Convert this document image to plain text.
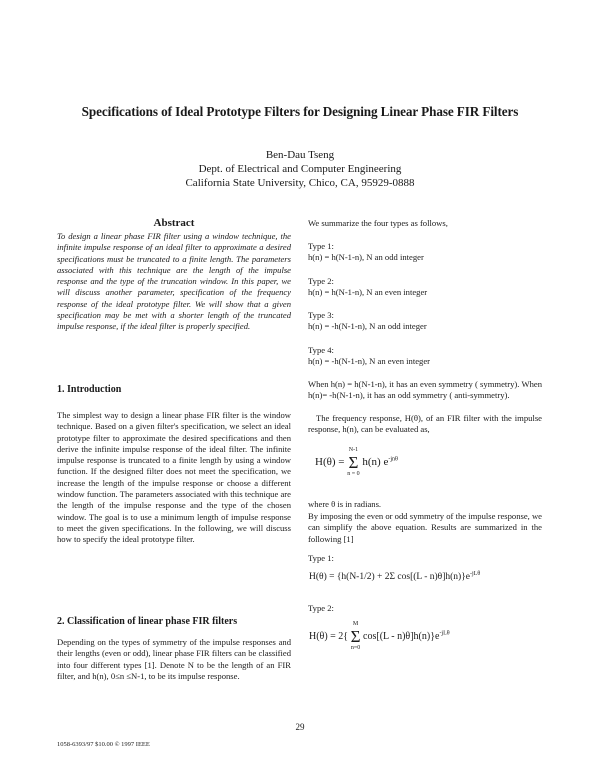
Specifications of Ideal Prototype Filters for Designing Linear Phase FIR Filters
Ben-Dau Tseng
Dept. of Electrical and Computer Engineering
California State University, Chico, CA, 95929-0888
Abstract
To design a linear phase FIR filter using a window technique, the infinite impulse response of an ideal filter to approximate a desired specifications must be truncated to a finite length. The parameters associated with this technique are the length of the impulse response and the type of the truncation window. In this paper, we will discuss another parameter, specification of the frequency response of the ideal prototype filter. We will show that a given specification may be met with a shorter length of the truncated impulse response, if the ideal filter is properly specified.
1. Introduction
The simplest way to design a linear phase FIR filter is the window technique. Based on a given filter's specification, we select an ideal prototype filter to approximate the desired specifications and then derive the infinite impulse response of the ideal filter. The infinite impulse response is truncated to a finite length by using a window function. If the designed filter does not meet the specification, we increase the length of the impulse response or choose a different window function. The parameters associated with this technique are the length of the impulse response and the type of the chosen window. The goal is to use a minimum length of impulse response to meet the given specifications. In the following, we will discuss how to specify the ideal prototype filter.
2. Classification of linear phase FIR filters
Depending on the types of symmetry of the impulse responses and their lengths (even or odd), linear phase FIR filters can be classified into four different types [1]. Denote N to be the length of an FIR filter, and h(n), 0≤n ≤N-1, to be its impulse response.
We summarize the four types as follows,
Type 1:
h(n) = h(N-1-n), N an odd integer
Type 2:
h(n) = h(N-1-n), N an even integer
Type 3:
h(n) = -h(N-1-n), N an odd integer
Type 4:
h(n) = -h(N-1-n), N an even integer
When h(n) = h(N-1-n), it has an even symmetry ( symmetry). When h(n)= -h(N-1-n), it has an odd symmetry ( anti-symmetry).
The frequency response, H(θ), of an FIR filter with the impulse response, h(n), can be evaluated as,
H(θ) =
N-1
Σ
n = 0
h(n) $e^{-jn\theta}$
where θ is in radians.
By imposing the even or odd symmetry of the impulse response, we can simplify the above equation. Results are summarized in the following [1]
Type 1:
H(θ) = {h(N-1/2) + 2Σ $\cos[(L - n)\theta]h(n)\}e^{-jL\theta}$
Type 2:
H(θ) = 2{
M
Σ
n=0
$\cos[(L - n)\theta]h(n)\}e^{-jL\theta}$
29
1058-6393/97 $10.00 © 1997 IEEE
